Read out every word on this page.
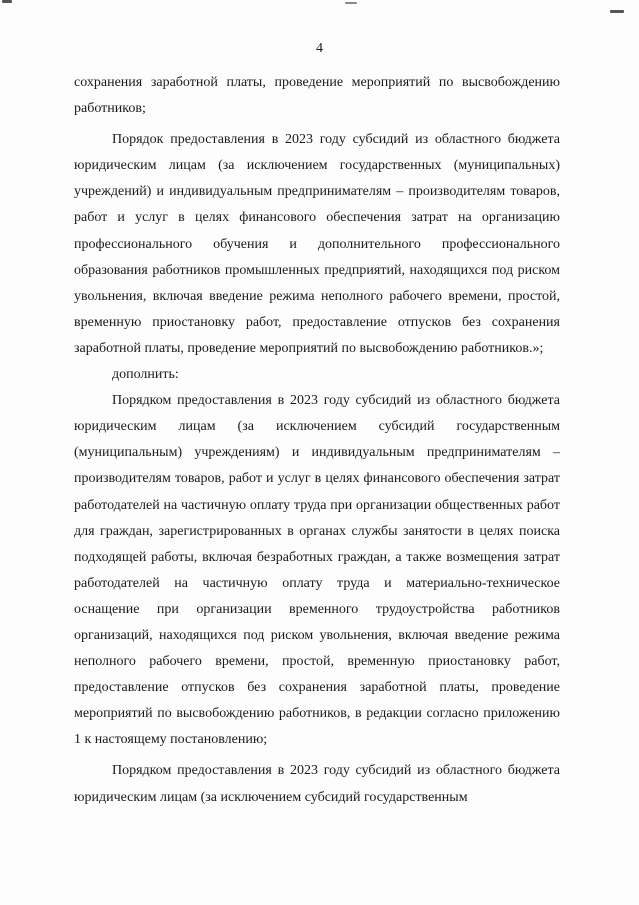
4

сохранения заработной платы, проведение мероприятий по высвобождению работников;

Порядок предоставления в 2023 году субсидий из областного бюджета юридическим лицам (за исключением государственных (муниципальных) учреждений) и индивидуальным предпринимателям – производителям товаров, работ и услуг в целях финансового обеспечения затрат на организацию профессионального обучения и дополнительного профессионального образования работников промышленных предприятий, находящихся под риском увольнения, включая введение режима неполного рабочего времени, простой, временную приостановку работ, предоставление отпусков без сохранения заработной платы, проведение мероприятий по высвобождению работников.»;

дополнить:

Порядком предоставления в 2023 году субсидий из областного бюджета юридическим лицам (за исключением субсидий государственным (муниципальным) учреждениям) и индивидуальным предпринимателям – производителям товаров, работ и услуг в целях финансового обеспечения затрат работодателей на частичную оплату труда при организации общественных работ для граждан, зарегистрированных в органах службы занятости в целях поиска подходящей работы, включая безработных граждан, а также возмещения затрат работодателей на частичную оплату труда и материально-техническое оснащение при организации временного трудоустройства работников организаций, находящихся под риском увольнения, включая введение режима неполного рабочего времени, простой, временную приостановку работ, предоставление отпусков без сохранения заработной платы, проведение мероприятий по высвобождению работников, в редакции согласно приложению 1 к настоящему постановлению;

Порядком предоставления в 2023 году субсидий из областного бюджета юридическим лицам (за исключением субсидий государственным
